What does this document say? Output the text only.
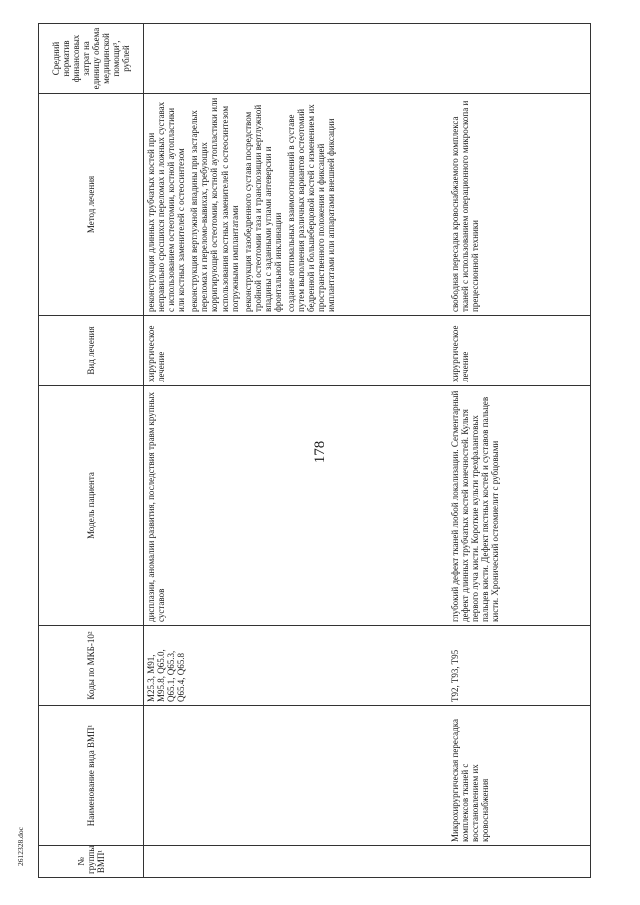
178
№ группы ВМП¹	Наименование вида ВМП¹	Коды по МКБ-10²	Модель пациента	Вид лечения	Метод лечения	Средний норматив финансовых затрат на единицу объема медицинской помощи³, рублей
		M25.3, M91, M95.8, Q65.0, Q65.1, Q65.3, Q65.4, Q65.8	дисплазии, аномалии развития, последствия травм крупных суставов	хирургическое лечение	реконструкция длинных трубчатых костей при неправильно сросшихся переломах и ложных суставах с использованием остеотомии, костной аутопластики или костных заменителей с остеосинтезом реконструкция вертлужной впадины при застарелых переломах и переломо-вывихах, требующих корригирующей остеотомии, костной аутопластики или использования костных заменителей с остеосинтезом погружными имплантатами реконструкция тазобедренного сустава посредством тройной остеотомии таза и транспозиции вертлужной впадины с заданными углами антеверсии и фронтальной инклинации создание оптимальных взаимоотношений в суставе путем выполнения различных вариантов остеотомий бедренной и большеберцовой костей с изменением их пространственного положения и фиксацией имплантатами или аппаратами внешней фиксации	

	Микрохирургическая пересадка комплексов тканей с восстановлением их кровоснабжения	T92, T93, T95	глубокий дефект тканей любой локализации. Сегментарный дефект длинных трубчатых костей конечностей. Культя первого луча кисти. Короткие культи трехфаланговых пальцев кисти. Дефект пястных костей и суставов пальцев кисти. Хронический остеомиелит с рубцовыми	хирургическое лечение	свободная пересадка кровоснабжаемого комплекса тканей с использованием операционного микроскопа и прецессионной техники	

2612328.doc
